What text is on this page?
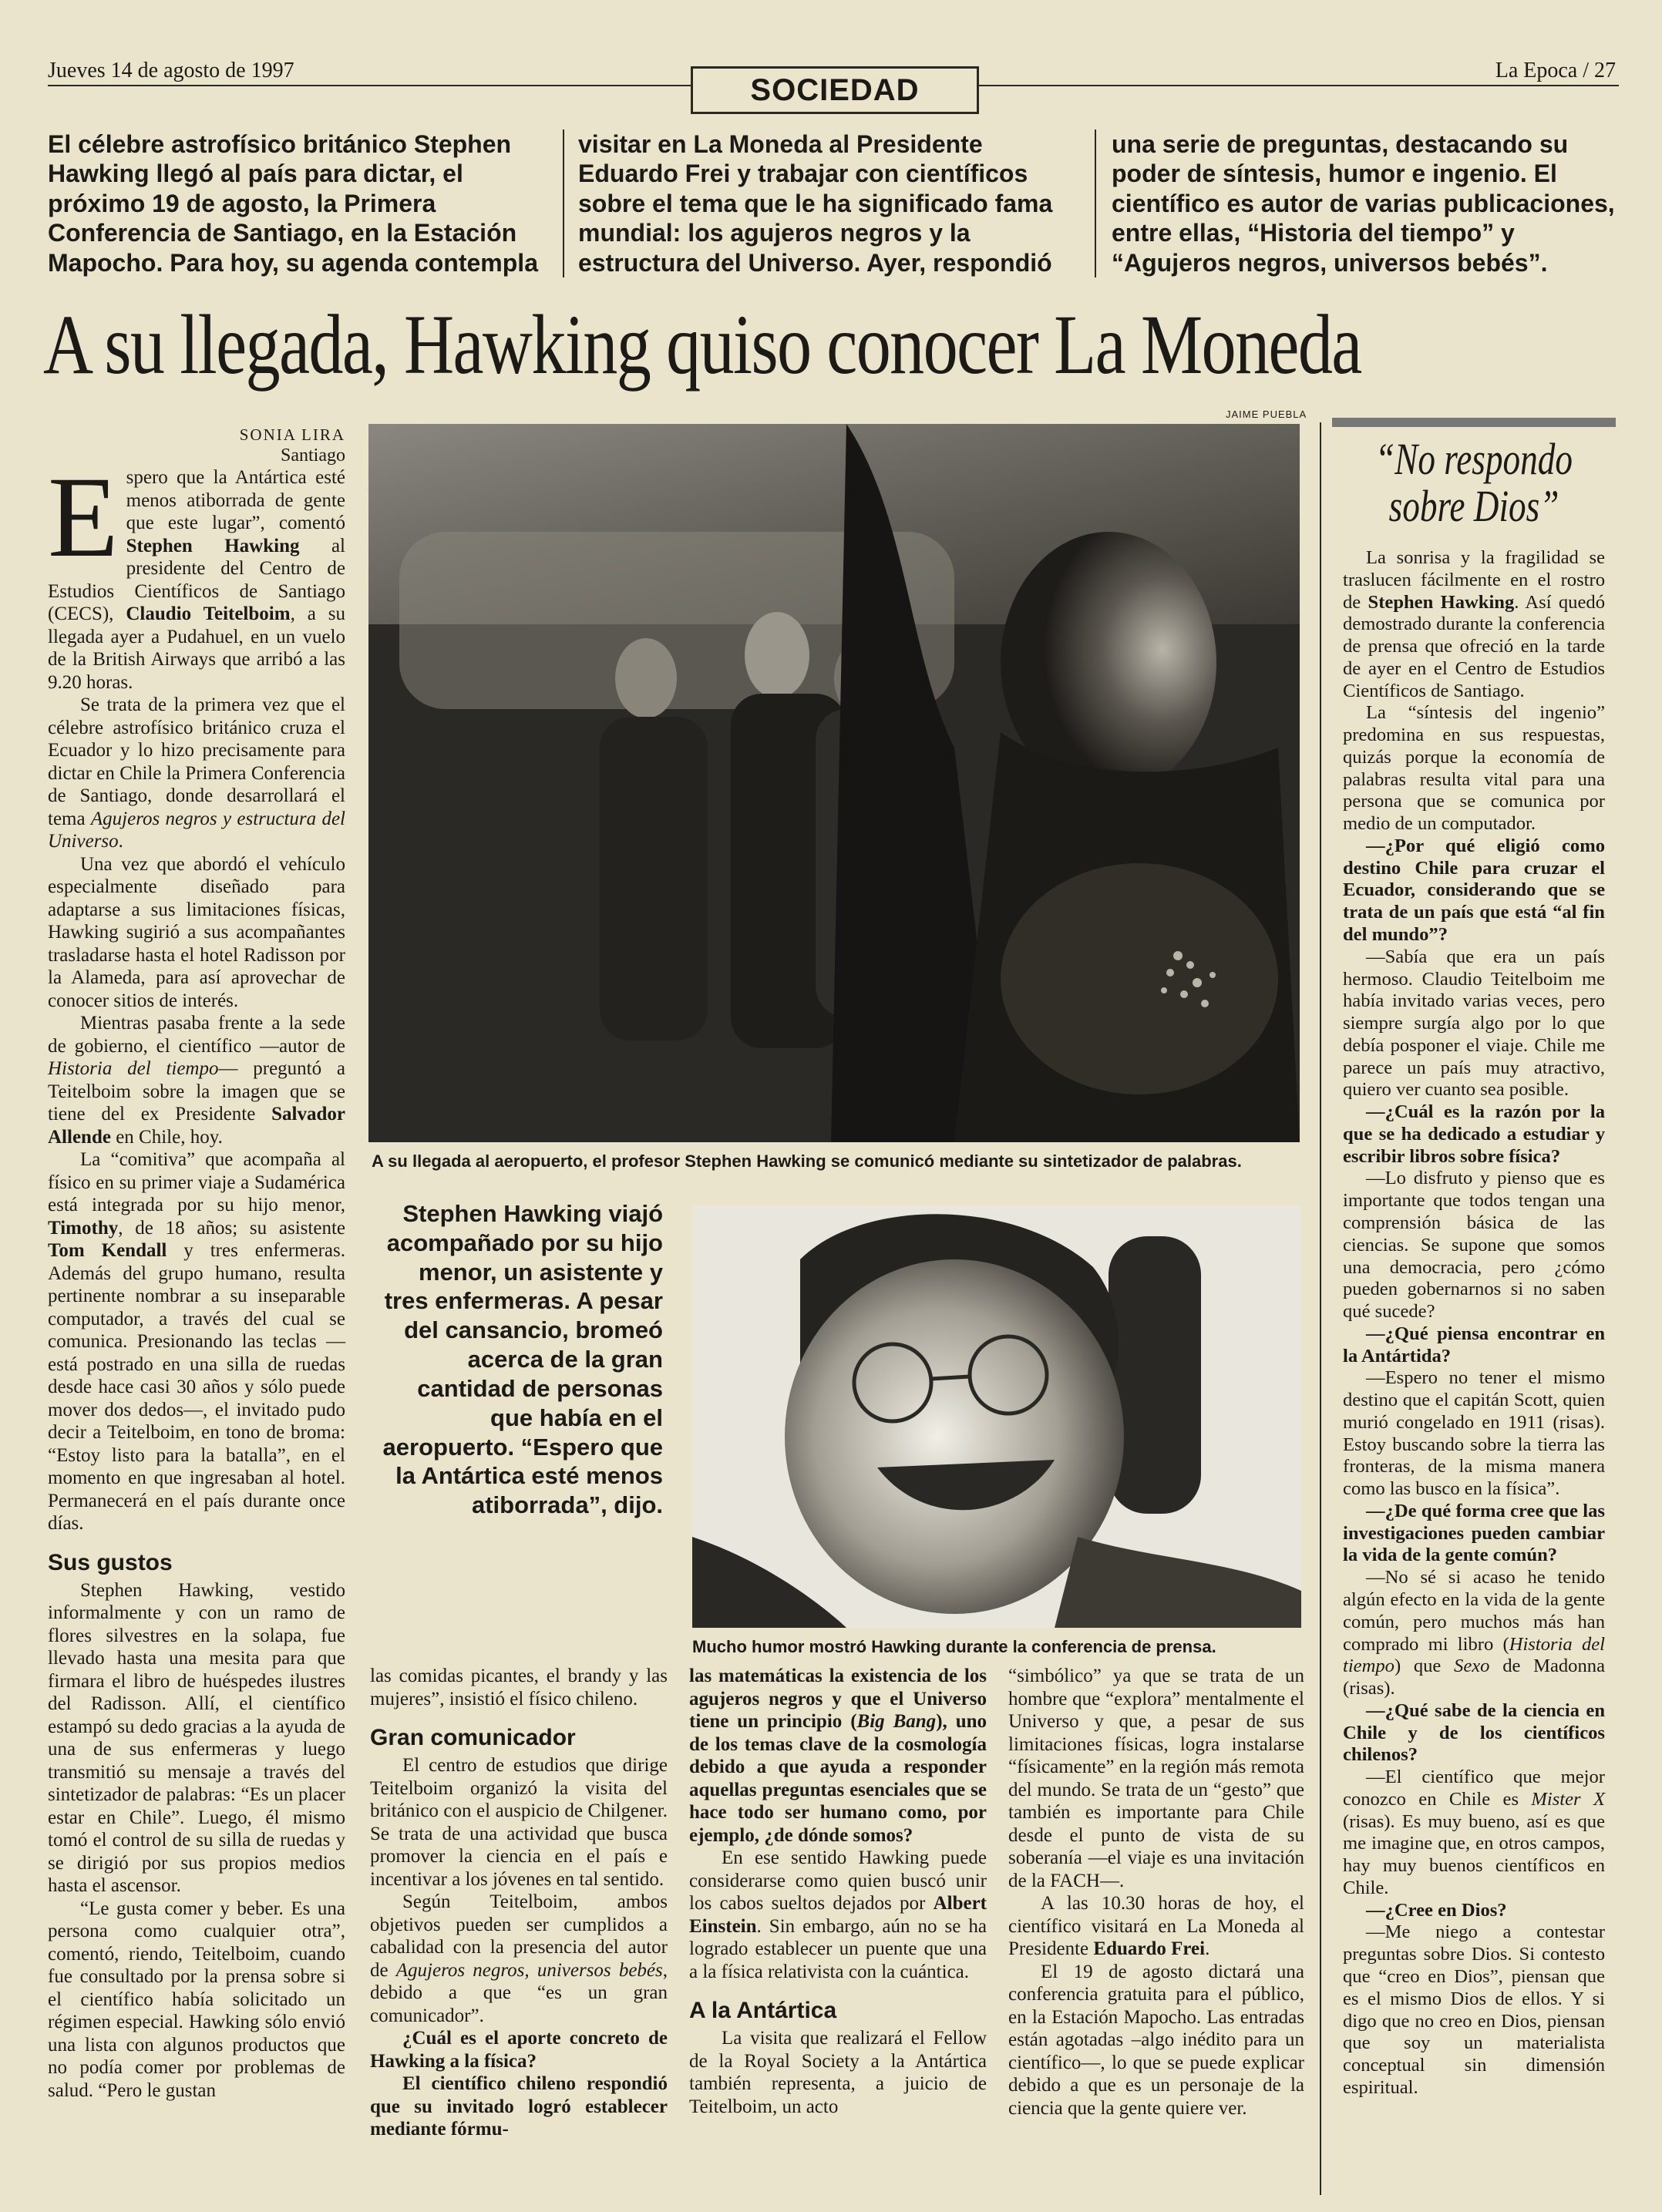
Jueves 14 de agosto de 1997
SOCIEDAD
La Epoca / 27
El célebre astrofísico británico Stephen Hawking llegó al país para dictar, el próximo 19 de agosto, la Primera Conferencia de Santiago, en la Estación Mapocho. Para hoy, su agenda contempla
visitar en La Moneda al Presidente Eduardo Frei y trabajar con científicos sobre el tema que le ha significado fama mundial: los agujeros negros y la estructura del Universo. Ayer, respondió
una serie de preguntas, destacando su poder de síntesis, humor e ingenio. El científico es autor de varias publicaciones, entre ellas, “Historia del tiempo” y “Agujeros negros, universos bebés”.
A su llegada, Hawking quiso conocer La Moneda
SONIA LIRA
Santiago

Espero que la Antártica esté menos atiborrada de gente que este lugar”, comentó Stephen Hawking al presidente del Centro de Estudios Científicos de Santiago (CECS), Claudio Teitelboim, a su llegada ayer a Pudahuel, en un vuelo de la British Airways que arribó a las 9.20 horas.

Se trata de la primera vez que el célebre astrofísico británico cruza el Ecuador y lo hizo precisamente para dictar en Chile la Primera Conferencia de Santiago, donde desarrollará el tema Agujeros negros y estructura del Universo.

Una vez que abordó el vehículo especialmente diseñado para adaptarse a sus limitaciones físicas, Hawking sugirió a sus acompañantes trasladarse hasta el hotel Radisson por la Alameda, para así aprovechar de conocer sitios de interés.

Mientras pasaba frente a la sede de gobierno, el científico —autor de Historia del tiempo— preguntó a Teitelboim sobre la imagen que se tiene del ex Presidente Salvador Allende en Chile, hoy.

La “comitiva” que acompaña al físico en su primer viaje a Sudamérica está integrada por su hijo menor, Timothy, de 18 años; su asistente Tom Kendall y tres enfermeras. Además del grupo humano, resulta pertinente nombrar a su inseparable computador, a través del cual se comunica. Presionando las teclas —está postrado en una silla de ruedas desde hace casi 30 años y sólo puede mover dos dedos—, el invitado pudo decir a Teitelboim, en tono de broma: “Estoy listo para la batalla”, en el momento en que ingresaban al hotel. Permanecerá en el país durante once días.

Sus gustos

Stephen Hawking, vestido informalmente y con un ramo de flores silvestres en la solapa, fue llevado hasta una mesita para que firmara el libro de huéspedes ilustres del Radisson. Allí, el científico estampó su dedo gracias a la ayuda de una de sus enfermeras y luego transmitió su mensaje a través del sintetizador de palabras: “Es un placer estar en Chile”. Luego, él mismo tomó el control de su silla de ruedas y se dirigió por sus propios medios hasta el ascensor.

“Le gusta comer y beber. Es una persona como cualquier otra”, comentó, riendo, Teitelboim, cuando fue consultado por la prensa sobre si el científico había solicitado un régimen especial. Hawking sólo envió una lista con algunos productos que no podía comer por problemas de salud. “Pero le gustan

JAIME PUEBLA
A su llegada al aeropuerto, el profesor Stephen Hawking se comunicó mediante su sintetizador de palabras.
Stephen Hawking viajó acompañado por su hijo menor, un asistente y tres enfermeras. A pesar del cansancio, bromeó acerca de la gran cantidad de personas que había en el aeropuerto. “Espero que la Antártica esté menos atiborrada”, dijo.
Mucho humor mostró Hawking durante la conferencia de prensa.

las comidas picantes, el brandy y las mujeres”, insistió el físico chileno.

Gran comunicador

El centro de estudios que dirige Teitelboim organizó la visita del británico con el auspicio de Chilgener. Se trata de una actividad que busca promover la ciencia en el país e incentivar a los jóvenes en tal sentido.

Según Teitelboim, ambos objetivos pueden ser cumplidos a cabalidad con la presencia del autor de Agujeros negros, universos bebés, debido a que “es un gran comunicador”.

¿Cuál es el aporte concreto de Hawking a la física?

El científico chileno respondió que su invitado logró establecer mediante fórmu-

las matemáticas la existencia de los agujeros negros y que el Universo tiene un principio (Big Bang), uno de los temas clave de la cosmología debido a que ayuda a responder aquellas preguntas esenciales que se hace todo ser humano como, por ejemplo, ¿de dónde somos?

En ese sentido Hawking puede considerarse como quien buscó unir los cabos sueltos dejados por Albert Einstein. Sin embargo, aún no se ha logrado establecer un puente que una a la física relativista con la cuántica.

A la Antártica

La visita que realizará el Fellow de la Royal Society a la Antártica también representa, a juicio de Teitelboim, un acto

“simbólico” ya que se trata de un hombre que “explora” mentalmente el Universo y que, a pesar de sus limitaciones físicas, logra instalarse “físicamente” en la región más remota del mundo. Se trata de un “gesto” que también es importante para Chile desde el punto de vista de su soberanía —el viaje es una invitación de la FACH—.

A las 10.30 horas de hoy, el científico visitará en La Moneda al Presidente Eduardo Frei.

El 19 de agosto dictará una conferencia gratuita para el público, en la Estación Mapocho. Las entradas están agotadas –algo inédito para un científico—, lo que se puede explicar debido a que es un personaje de la ciencia que la gente quiere ver.

“No respondo sobre Dios”

La sonrisa y la fragilidad se traslucen fácilmente en el rostro de Stephen Hawking. Así quedó demostrado durante la conferencia de prensa que ofreció en la tarde de ayer en el Centro de Estudios Científicos de Santiago.

La “síntesis del ingenio” predomina en sus respuestas, quizás porque la economía de palabras resulta vital para una persona que se comunica por medio de un computador.

—¿Por qué eligió como destino Chile para cruzar el Ecuador, considerando que se trata de un país que está “al fin del mundo”?

—Sabía que era un país hermoso. Claudio Teitelboim me había invitado varias veces, pero siempre surgía algo por lo que debía posponer el viaje. Chile me parece un país muy atractivo, quiero ver cuanto sea posible.

—¿Cuál es la razón por la que se ha dedicado a estudiar y escribir libros sobre física?

—Lo disfruto y pienso que es importante que todos tengan una comprensión básica de las ciencias. Se supone que somos una democracia, pero ¿cómo pueden gobernarnos si no saben qué sucede?

—¿Qué piensa encontrar en la Antártida?

—Espero no tener el mismo destino que el capitán Scott, quien murió congelado en 1911 (risas). Estoy buscando sobre la tierra las fronteras, de la misma manera como las busco en la física”.

—¿De qué forma cree que las investigaciones pueden cambiar la vida de la gente común?

—No sé si acaso he tenido algún efecto en la vida de la gente común, pero muchos más han comprado mi libro (Historia del tiempo) que Sexo de Madonna (risas).

—¿Qué sabe de la ciencia en Chile y de los científicos chilenos?

—El científico que mejor conozco en Chile es Mister X (risas). Es muy bueno, así es que me imagine que, en otros campos, hay muy buenos científicos en Chile.

—¿Cree en Dios?

—Me niego a contestar preguntas sobre Dios. Si contesto que “creo en Dios”, piensan que es el mismo Dios de ellos. Y si digo que no creo en Dios, piensan que soy un materialista conceptual sin dimensión espiritual.
